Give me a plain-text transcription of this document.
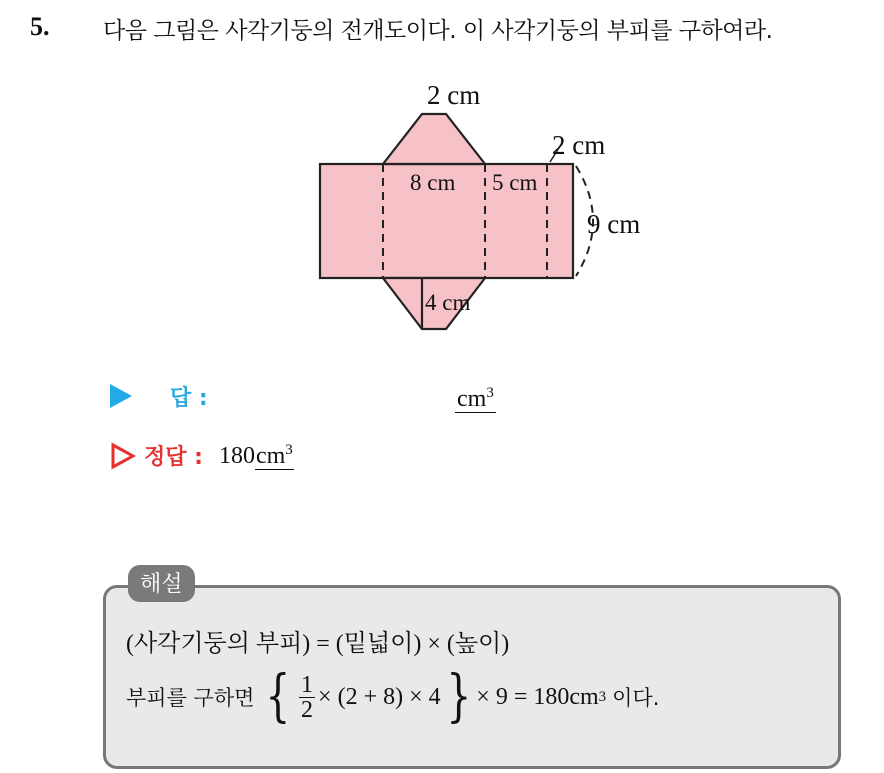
5. 다음 그림은 사각기둥의 전개도이다. 이 사각기둥의 부피를 구하여라.
2 cm
2 cm
8 cm 5 cm
9 cm
4 cm
답 :	$cm^3$
정답 : $180cm^3$
해설
(사각기둥의 부피) = (밑넓이) × (높이)
부피를 구하면 { $\frac{1}{2} \times (2 + 8) \times 4$ } × 9 = 180cm 3 이다.
